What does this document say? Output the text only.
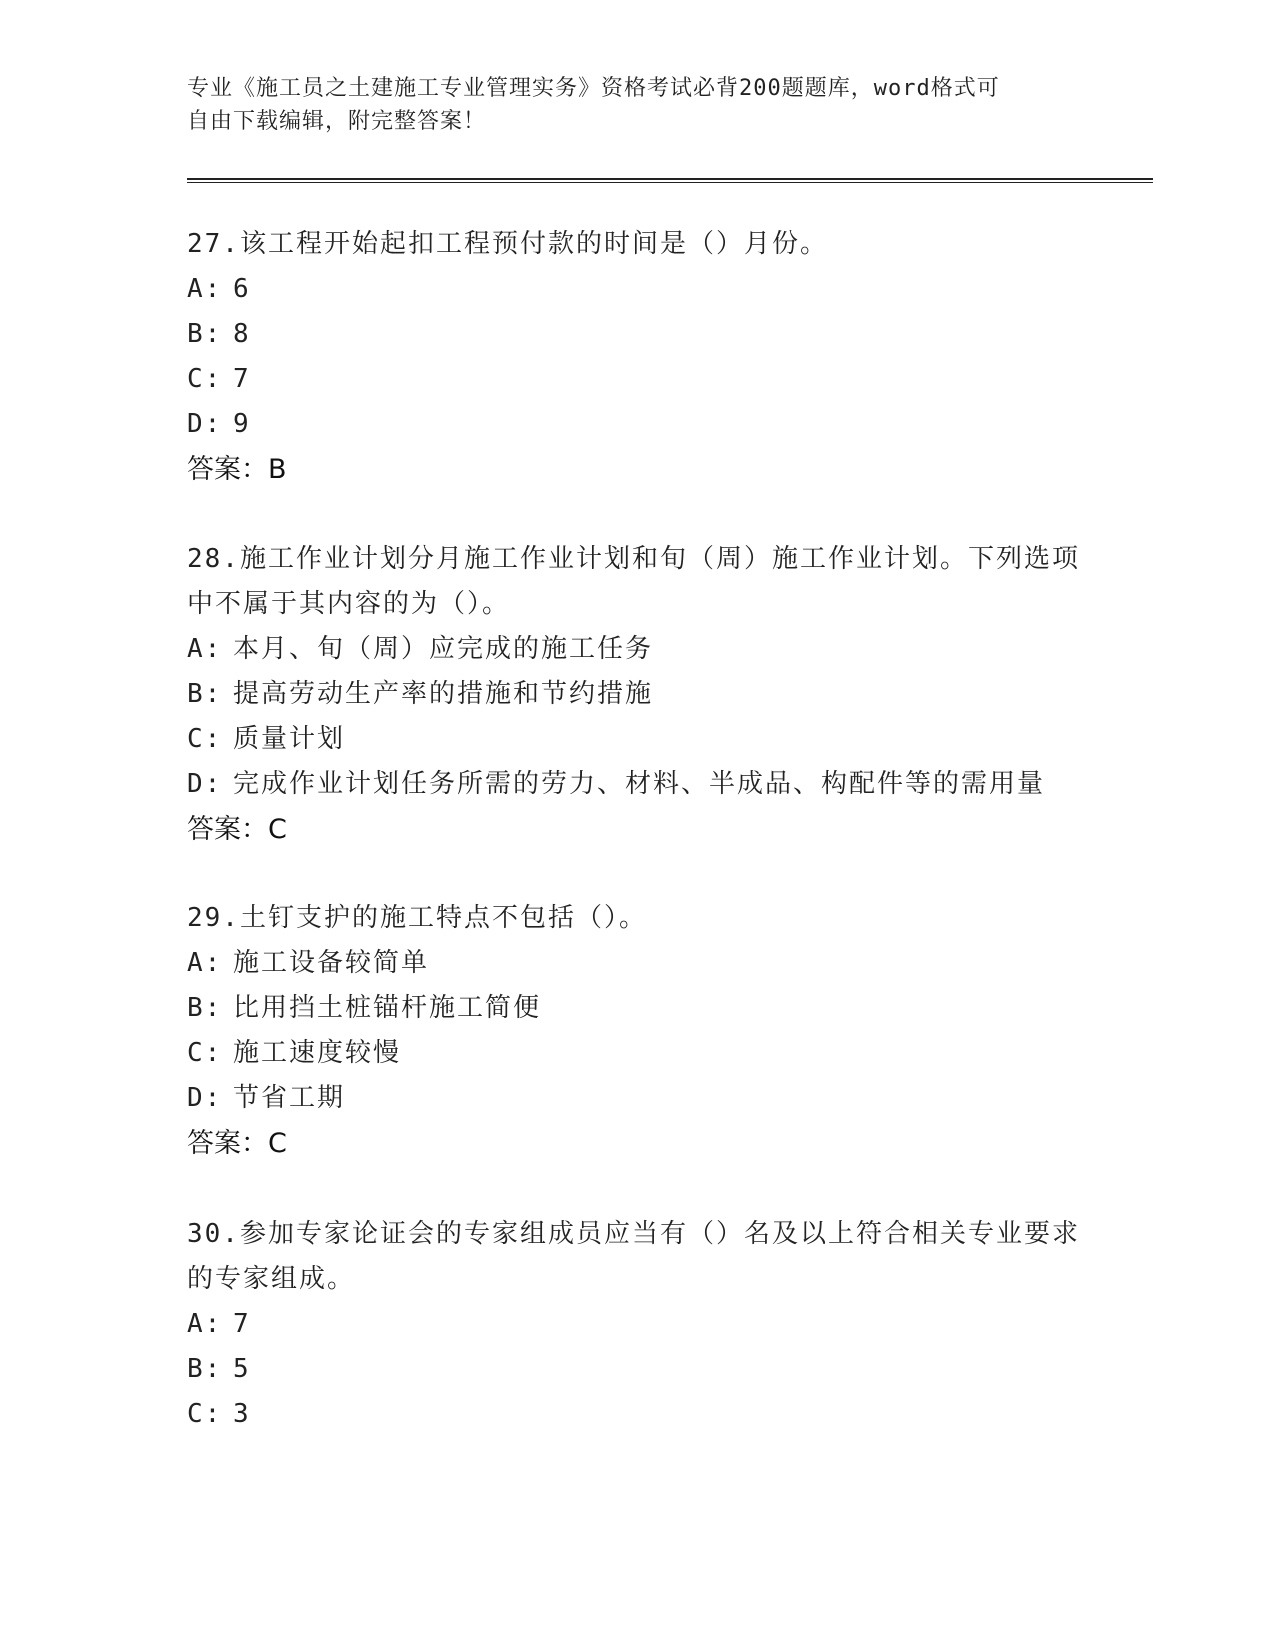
专业《施工员之土建施工专业管理实务》资格考试必背200题题库，word格式可
自由下载编辑，附完整答案！
27.该工程开始起扣工程预付款的时间是（）月份。
A: 6
B: 8
C: 7
D: 9
答案：B
28.施工作业计划分月施工作业计划和旬（周）施工作业计划。下列选项中不属于其内容的为（）。
A: 本月、旬（周）应完成的施工任务
B: 提高劳动生产率的措施和节约措施
C: 质量计划
D: 完成作业计划任务所需的劳力、材料、半成品、构配件等的需用量
答案：C
29.土钉支护的施工特点不包括（）。
A: 施工设备较简单
B: 比用挡土桩锚杆施工简便
C: 施工速度较慢
D: 节省工期
答案：C
30.参加专家论证会的专家组成员应当有（）名及以上符合相关专业要求的专家组成。
A: 7
B: 5
C: 3
